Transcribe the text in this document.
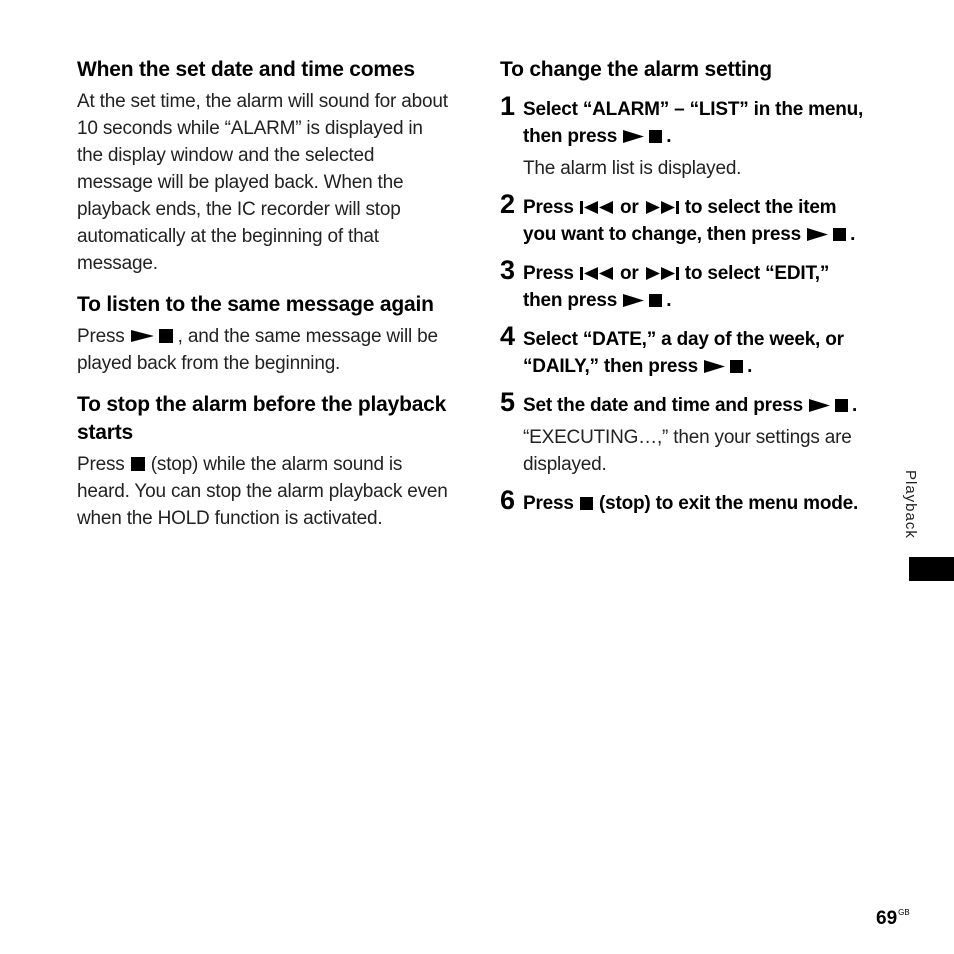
When the set date and time comes

At the set time, the alarm will sound for about 10 seconds while “ALARM” is displayed in the display window and the selected message will be played back. When the playback ends, the IC recorder will stop automatically at the beginning of that message.

To listen to the same message again

Press	, and the same message will be played back from the beginning.

To stop the alarm before the playback starts

Press (stop) while the alarm sound is heard. You can stop the alarm playback even when the HOLD function is activated.

To change the alarm setting
1 Select “ALARM” – “LIST” in the menu, then press	.

The alarm list is displayed.

2 Press or to select the item you want to change, then press	.

3 Press or to select “EDIT,” then press	.

4 Select “DATE,” a day of the week, or “DAILY,” then press	.

5 Set the date and time and press	.

“EXECUTING…,” then your settings are displayed.

6 Press (stop) to exit the menu mode.	Playback
$69^{GB}$
